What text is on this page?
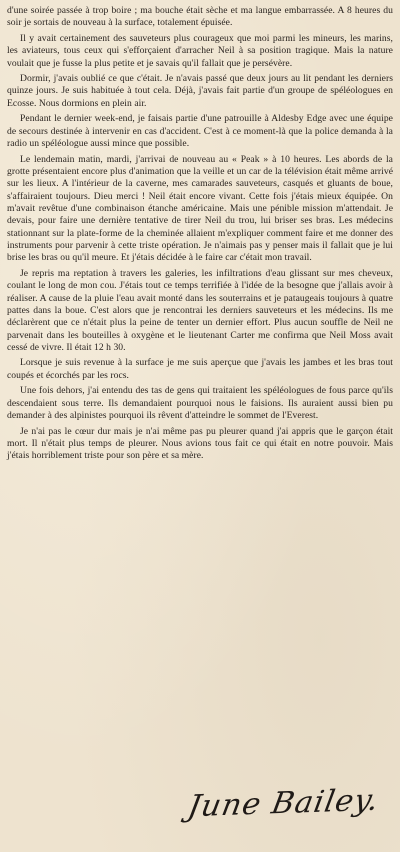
d'une soirée passée à trop boire ; ma bouche était sèche et ma langue embarrassée. A 8 heures du soir je sortais de nouveau à la surface, totalement épuisée.

Il y avait certainement des sauveteurs plus courageux que moi parmi les mineurs, les marins, les aviateurs, tous ceux qui s'efforçaient d'arracher Neil à sa position tragique. Mais la nature voulait que je fusse la plus petite et je savais qu'il fallait que je persévère.

Dormir, j'avais oublié ce que c'était. Je n'avais passé que deux jours au lit pendant les derniers quinze jours. Je suis habituée à tout cela. Déjà, j'avais fait partie d'un groupe de spéléologues en Ecosse. Nous dormions en plein air.

Pendant le dernier week-end, je faisais partie d'une patrouille à Aldesby Edge avec une équipe de secours destinée à intervenir en cas d'accident. C'est à ce moment-là que la police demanda à la radio un spéléologue aussi mince que possible.

Le lendemain matin, mardi, j'arrivai de nouveau au « Peak » à 10 heures. Les abords de la grotte présentaient encore plus d'animation que la veille et un car de la télévision était même arrivé sur les lieux. A l'intérieur de la caverne, mes camarades sauveteurs, casqués et gluants de boue, s'affairaient toujours. Dieu merci ! Neil était encore vivant. Cette fois j'étais mieux équipée. On m'avait revêtue d'une combinaison étanche américaine. Mais une pénible mission m'attendait. Je devais, pour faire une dernière tentative de tirer Neil du trou, lui briser ses bras. Les médecins stationnant sur la plate-forme de la cheminée allaient m'expliquer comment faire et me donner des instruments pour parvenir à cette triste opération. Je n'aimais pas y penser mais il fallait que je lui brise les bras ou qu'il meure. Et j'étais décidée à le faire car c'était mon travail.

Je repris ma reptation à travers les galeries, les infiltrations d'eau glissant sur mes cheveux, coulant le long de mon cou. J'étais tout ce temps terrifiée à l'idée de la besogne que j'allais avoir à réaliser. A cause de la pluie l'eau avait monté dans les souterrains et je pataugeais toujours à quatre pattes dans la boue. C'est alors que je rencontrai les derniers sauveteurs et les médecins. Ils me déclarèrent que ce n'était plus la peine de tenter un dernier effort. Plus aucun souffle de Neil ne parvenait dans les bouteilles à oxygène et le lieutenant Carter me confirma que Neil Moss avait cessé de vivre. Il était 12 h 30.

Lorsque je suis revenue à la surface je me suis aperçue que j'avais les jambes et les bras tout coupés et écorchés par les rocs.

Une fois dehors, j'ai entendu des tas de gens qui traitaient les spéléologues de fous parce qu'ils descendaient sous terre. Ils demandaient pourquoi nous le faisions. Ils auraient aussi bien pu demander à des alpinistes pourquoi ils rêvent d'atteindre le sommet de l'Everest.

Je n'ai pas le cœur dur mais je n'ai même pas pu pleurer quand j'ai appris que le garçon était mort. Il n'était plus temps de pleurer. Nous avions tous fait ce qui était en notre pouvoir. Mais j'étais horriblement triste pour son père et sa mère.

June Bailey.
